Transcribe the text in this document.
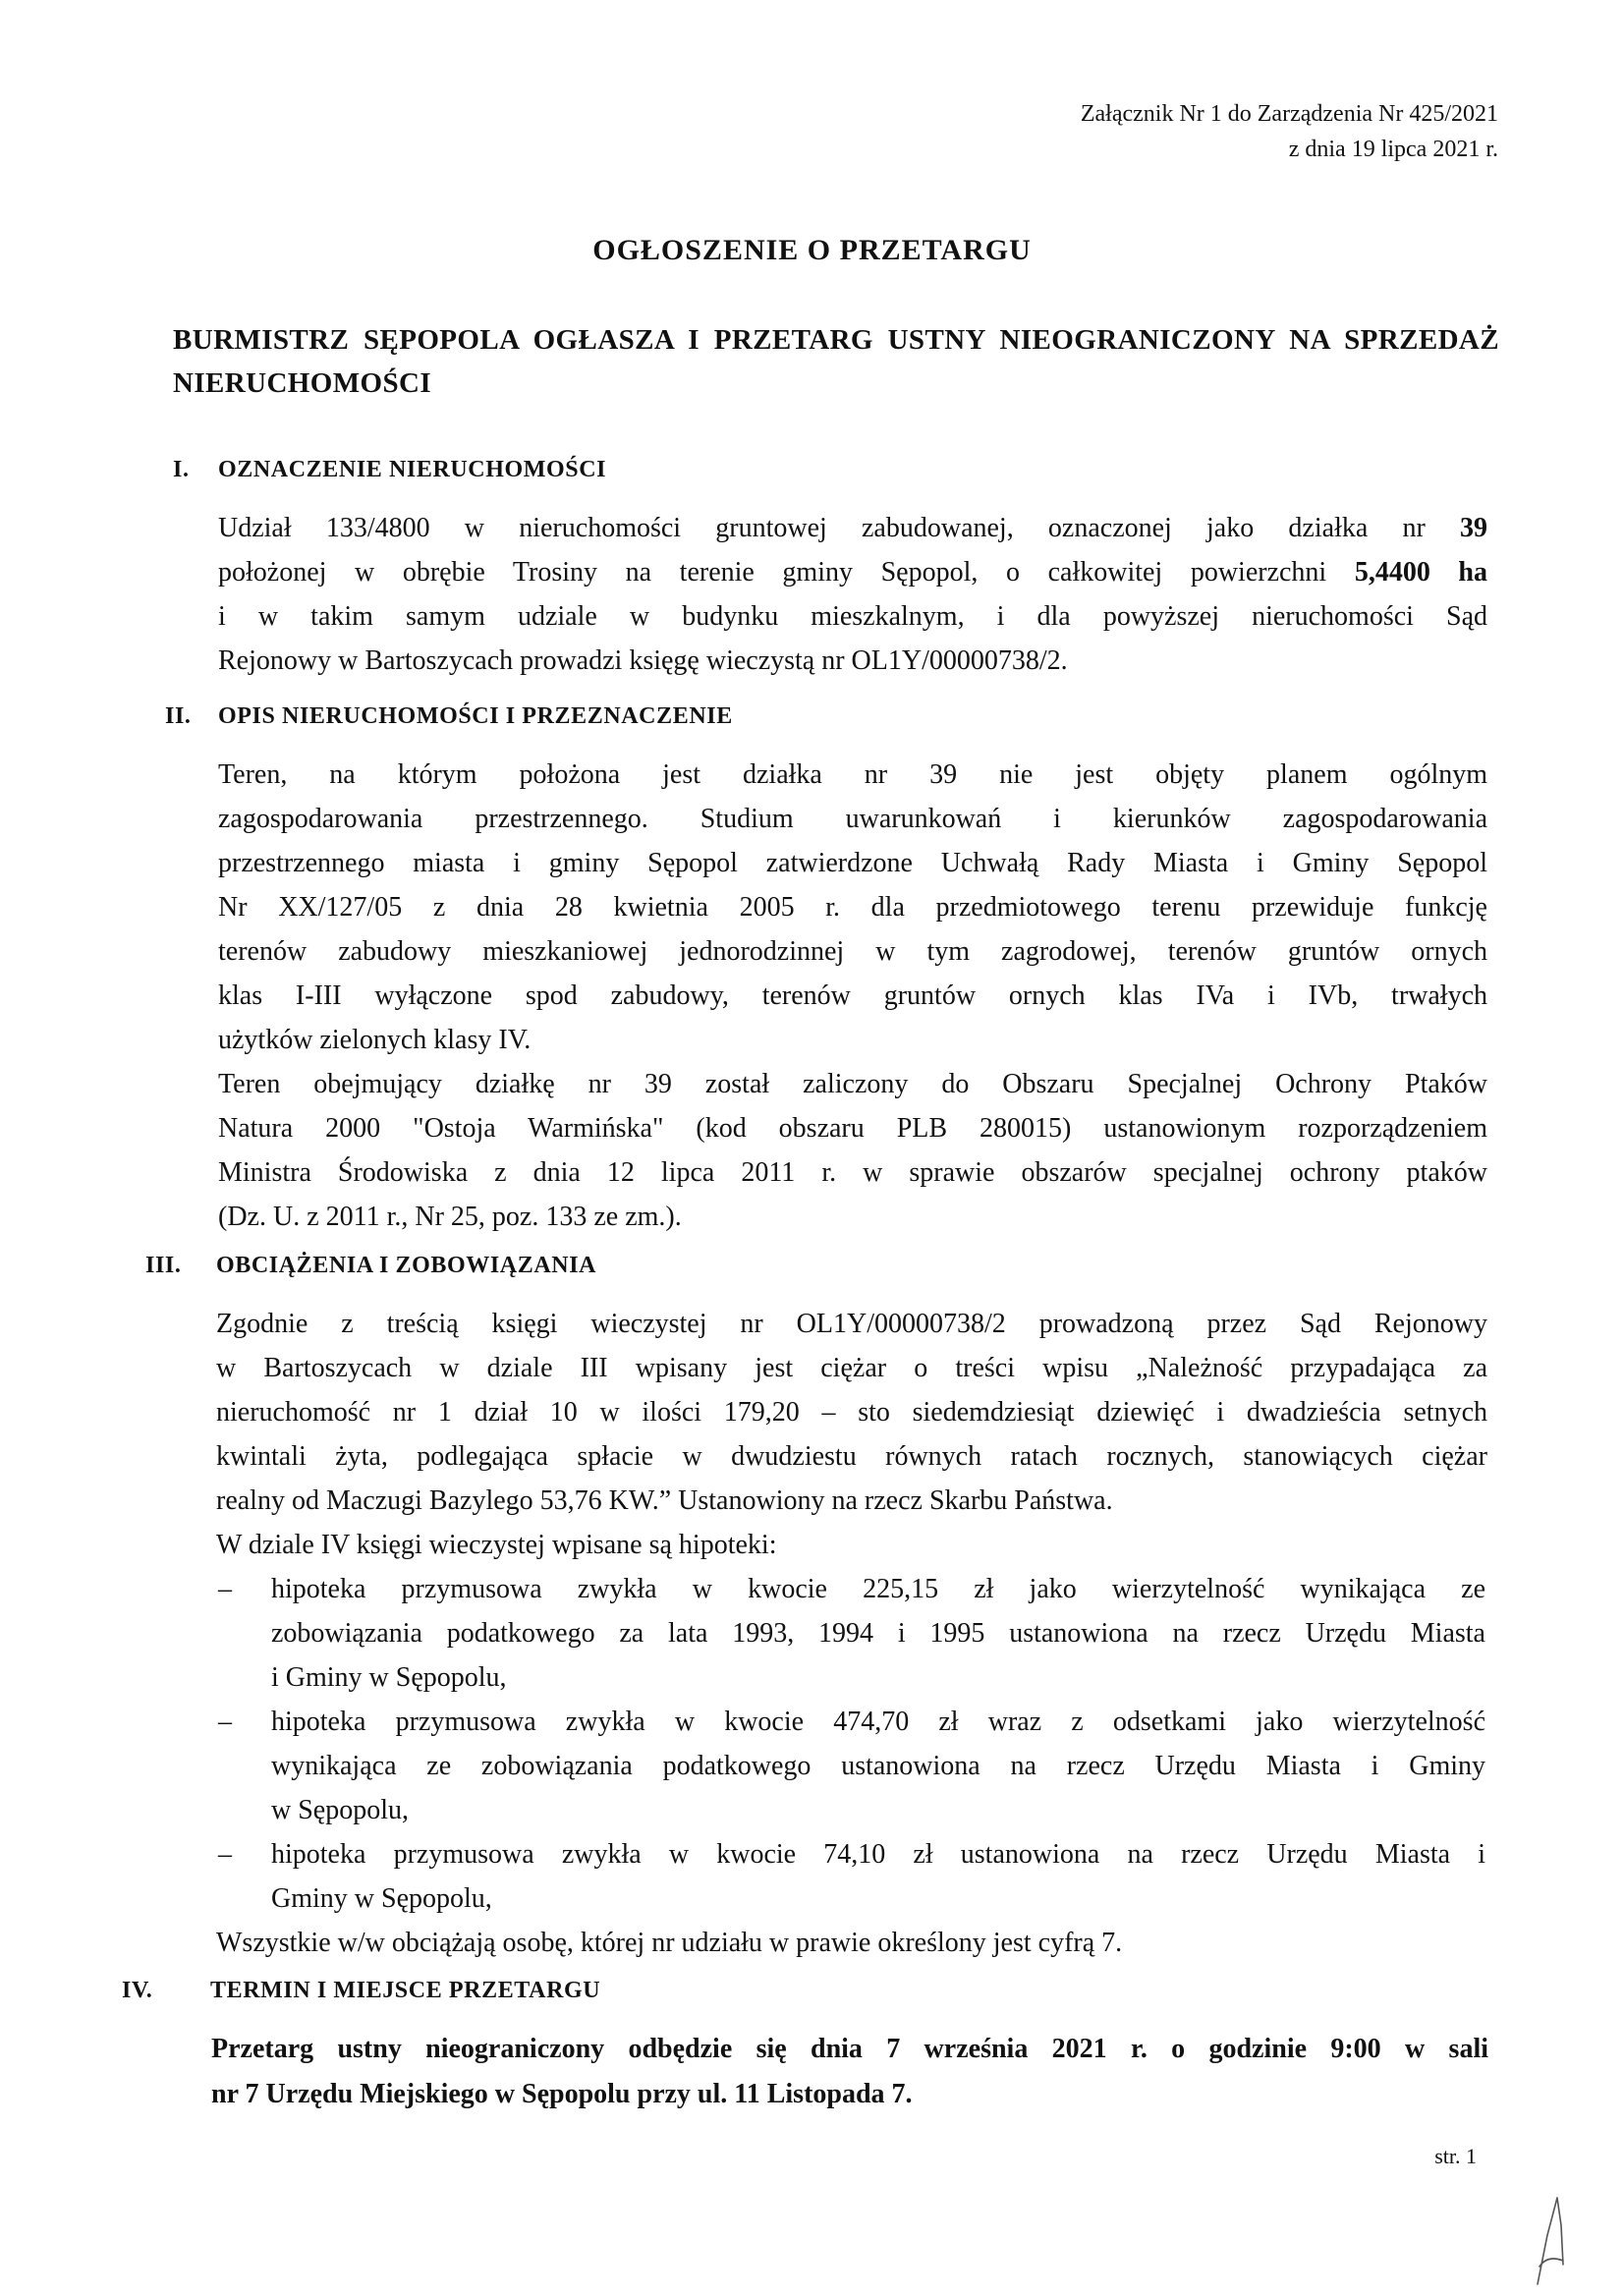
Załącznik Nr 1 do Zarządzenia Nr 425/2021
z dnia 19 lipca 2021 r.
OGŁOSZENIE O PRZETARGU
BURMISTRZ SĘPOPOLA OGŁASZA I PRZETARG USTNY NIEOGRANICZONY NA SPRZEDAŻ NIERUCHOMOŚCI
I. OZNACZENIE NIERUCHOMOŚCI
Udział 133/4800 w nieruchomości gruntowej zabudowanej, oznaczonej jako działka nr 39
położonej w obrębie Trosiny na terenie gminy Sępopol, o całkowitej powierzchni 5,4400 ha
i w takim samym udziale w budynku mieszkalnym, i dla powyższej nieruchomości Sąd
Rejonowy w Bartoszycach prowadzi księgę wieczystą nr OL1Y/00000738/2.
II. OPIS NIERUCHOMOŚCI I PRZEZNACZENIE
Teren, na którym położona jest działka nr 39 nie jest objęty planem ogólnym
zagospodarowania przestrzennego. Studium uwarunkowań i kierunków zagospodarowania
przestrzennego miasta i gminy Sępopol zatwierdzone Uchwałą Rady Miasta i Gminy Sępopol
Nr XX/127/05 z dnia 28 kwietnia 2005 r. dla przedmiotowego terenu przewiduje funkcję
terenów zabudowy mieszkaniowej jednorodzinnej w tym zagrodowej, terenów gruntów ornych
klas I-III wyłączone spod zabudowy, terenów gruntów ornych klas IVa i IVb, trwałych
użytków zielonych klasy IV.
Teren obejmujący działkę nr 39 został zaliczony do Obszaru Specjalnej Ochrony Ptaków
Natura 2000 "Ostoja Warmińska" (kod obszaru PLB 280015) ustanowionym rozporządzeniem
Ministra Środowiska z dnia 12 lipca 2011 r. w sprawie obszarów specjalnej ochrony ptaków
(Dz. U. z 2011 r., Nr 25, poz. 133 ze zm.).
III. OBCIĄŻENIA I ZOBOWIĄZANIA
Zgodnie z treścią księgi wieczystej nr OL1Y/00000738/2 prowadzoną przez Sąd Rejonowy
w Bartoszycach w dziale III wpisany jest ciężar o treści wpisu „Należność przypadająca za
nieruchomość nr 1 dział 10 w ilości 179,20 – sto siedemdziesiąt dziewięć i dwadzieścia setnych
kwintali żyta, podlegająca spłacie w dwudziestu równych ratach rocznych, stanowiących ciężar
realny od Maczugi Bazylego 53,76 KW.” Ustanowiony na rzecz Skarbu Państwa.
W dziale IV księgi wieczystej wpisane są hipoteki:
– hipoteka przymusowa zwykła w kwocie 225,15 zł jako wierzytelność wynikająca ze
zobowiązania podatkowego za lata 1993, 1994 i 1995 ustanowiona na rzecz Urzędu Miasta
i Gminy w Sępopolu,
– hipoteka przymusowa zwykła w kwocie 474,70 zł wraz z odsetkami jako wierzytelność
wynikająca ze zobowiązania podatkowego ustanowiona na rzecz Urzędu Miasta i Gminy
w Sępopolu,
– hipoteka przymusowa zwykła w kwocie 74,10 zł ustanowiona na rzecz Urzędu Miasta i
Gminy w Sępopolu,
Wszystkie w/w obciążają osobę, której nr udziału w prawie określony jest cyfrą 7.
IV. TERMIN I MIEJSCE PRZETARGU
Przetarg ustny nieograniczony odbędzie się dnia 7 września 2021 r. o godzinie 9:00 w sali
nr 7 Urzędu Miejskiego w Sępopolu przy ul. 11 Listopada 7.
str. 1
